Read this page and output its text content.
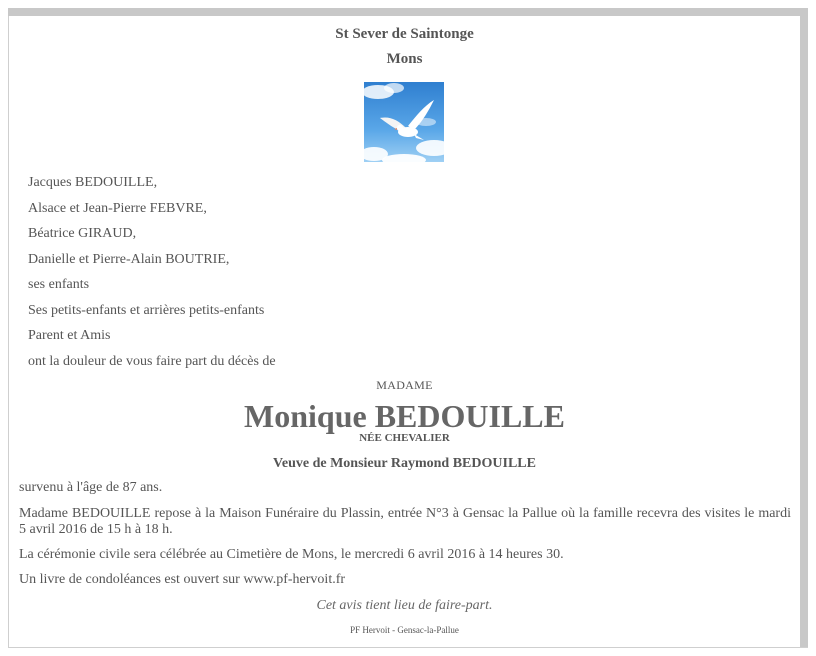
St Sever de Saintonge
Mons
Jacques BEDOUILLE,
Alsace et Jean-Pierre FEBVRE,
Béatrice GIRAUD,
Danielle et Pierre-Alain BOUTRIE,
ses enfants
Ses petits-enfants et arrières petits-enfants
Parent et Amis
ont la douleur de vous faire part du décès de
MADAME
Monique BEDOUILLE
NÉE CHEVALIER
Veuve de Monsieur Raymond BEDOUILLE
survenu à l'âge de 87 ans.
Madame BEDOUILLE repose à la Maison Funéraire du Plassin, entrée N°3 à Gensac la Pallue où la famille recevra des visites le mardi 5 avril 2016 de 15 h à 18 h.
La cérémonie civile sera célébrée au Cimetière de Mons, le mercredi 6 avril 2016 à 14 heures 30.
Un livre de condoléances est ouvert sur www.pf-hervoit.fr
Cet avis tient lieu de faire-part.
PF Hervoit - Gensac-la-Pallue
